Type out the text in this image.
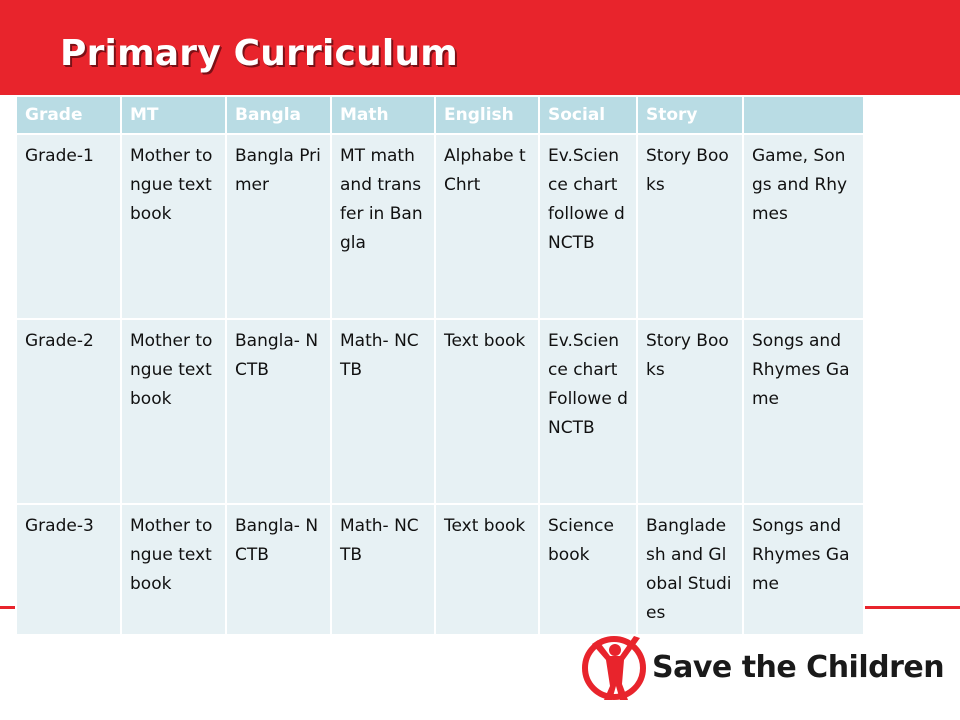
Primary Curriculum
Grade	MT	Bangla	Math	English	Social	Story	
Grade-1	Mother tongue text book	Bangla Primer	MT math and transfer in Bangla	Alphabe t Chrt	Ev.Scien ce chart followe d NCTB	Story Books	Game, Songs and Rhymes
Grade-2	Mother tongue text book	Bangla- NCTB	Math- NCTB	Text book	Ev.Scien ce chart Followe d NCTB	Story Books	Songs and Rhymes Game
Grade-3	Mother tongue text book	Bangla- NCTB	Math- NCTB	Text book	Science book	Banglade sh and Global Studies	Songs and Rhymes Game
Save the Children
